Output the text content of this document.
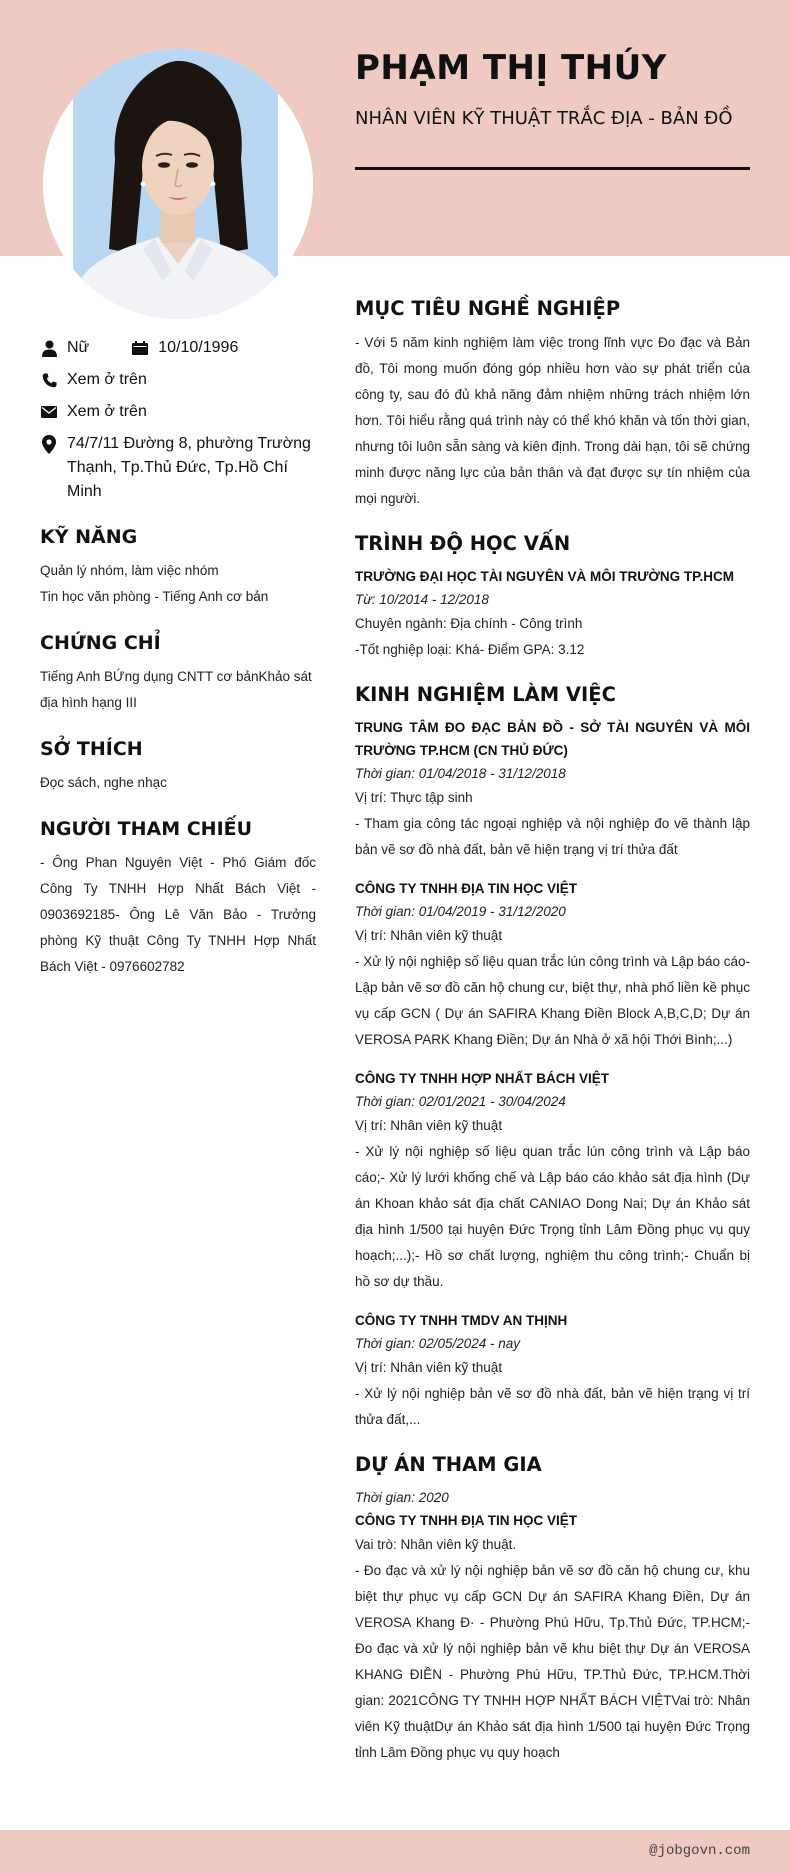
PHẠM THỊ THÚY
NHÂN VIÊN KỸ THUẬT TRẮC ĐỊA - BẢN ĐỒ
Nữ	10/10/1996
Xem ở trên
Xem ở trên
74/7/11 Đường 8, phường Trường Thạnh, Tp.Thủ Đức, Tp.Hồ Chí Minh
KỸ NĂNG
Quản lý nhóm, làm việc nhóm
Tin học văn phòng - Tiếng Anh cơ bản
CHỨNG CHỈ
Tiếng Anh BỨng dụng CNTT cơ bảnKhảo sát địa hình hạng III
SỞ THÍCH
Đọc sách, nghe nhạc
NGƯỜI THAM CHIẾU
- Ông Phan Nguyên Việt - Phó Giám đốc Công Ty TNHH Hợp Nhất Bách Việt - 0903692185- Ông Lê Văn Bảo - Trưởng phòng Kỹ thuật Công Ty TNHH Hợp Nhất Bách Việt - 0976602782
MỤC TIÊU NGHỀ NGHIỆP
- Với 5 năm kinh nghiệm làm việc trong lĩnh vực Đo đạc và Bản đồ, Tôi mong muốn đóng góp nhiều hơn vào sự phát triển của công ty, sau đó đủ khả năng đảm nhiệm những trách nhiệm lớn hơn. Tôi hiểu rằng quá trình này có thể khó khăn và tốn thời gian, nhưng tôi luôn sẵn sàng và kiên định. Trong dài hạn, tôi sẽ chứng minh được năng lực của bản thân và đạt được sự tín nhiệm của mọi người.
TRÌNH ĐỘ HỌC VẤN
TRƯỜNG ĐẠI HỌC TÀI NGUYÊN VÀ MÔI TRƯỜNG TP.HCM
Từ: 10/2014 - 12/2018
Chuyên ngành: Địa chính - Công trình
-Tốt nghiệp loại: Khá- Điểm GPA: 3.12
KINH NGHIỆM LÀM VIỆC
TRUNG TÂM ĐO ĐẠC BẢN ĐỒ - SỞ TÀI NGUYÊN VÀ MÔI TRƯỜNG TP.HCM (CN THỦ ĐỨC)
Thời gian: 01/04/2018 - 31/12/2018
Vị trí: Thực tập sinh
- Tham gia công tác ngoại nghiệp và nội nghiệp đo vẽ thành lập bản vẽ sơ đồ nhà đất, bản vẽ hiện trạng vị trí thửa đất
CÔNG TY TNHH ĐỊA TIN HỌC VIỆT
Thời gian: 01/04/2019 - 31/12/2020
Vị trí: Nhân viên kỹ thuật
- Xử lý nội nghiệp số liệu quan trắc lún công trình và Lập báo cáo- Lập bản vẽ sơ đồ căn hộ chung cư, biệt thự, nhà phố liền kề phục vụ cấp GCN ( Dự án SAFIRA Khang Điền Block A,B,C,D; Dự án VEROSA PARK Khang Điền; Dự án Nhà ở xã hội Thới Bình;...)
CÔNG TY TNHH HỢP NHẤT BÁCH VIỆT
Thời gian: 02/01/2021 - 30/04/2024
Vị trí: Nhân viên kỹ thuật
- Xử lý nội nghiệp số liệu quan trắc lún công trình và Lập báo cáo;- Xử lý lưới khống chế và Lập báo cáo khảo sát địa hình (Dự án Khoan khảo sát địa chất CANIAO Dong Nai; Dự án Khảo sát địa hình 1/500 tại huyện Đức Trọng tỉnh Lâm Đồng phục vụ quy hoạch;...);- Hồ sơ chất lượng, nghiệm thu công trình;- Chuẩn bị hồ sơ dự thầu.
CÔNG TY TNHH TMDV AN THỊNH
Thời gian: 02/05/2024 - nay
Vị trí: Nhân viên kỹ thuật
- Xử lý nội nghiệp bản vẽ sơ đồ nhà đất, bản vẽ hiện trạng vị trí thửa đất,...
DỰ ÁN THAM GIA
Thời gian: 2020
CÔNG TY TNHH ĐỊA TIN HỌC VIỆT
Vai trò: Nhân viên kỹ thuật.
- Đo đạc và xử lý nội nghiệp bản vẽ sơ đồ căn hộ chung cư, khu biệt thự phục vụ cấp GCN Dự án SAFIRA Khang Điền, Dự án VEROSA Khang Đ· - Phường Phú Hữu, Tp.Thủ Đức, TP.HCM;- Đo đạc và xử lý nội nghiệp bản vẽ khu biệt thự Dự án VEROSA KHANG ĐIỀN - Phường Phú Hữu, TP.Thủ Đức, TP.HCM.Thời gian: 2021CÔNG TY TNHH HỢP NHẤT BÁCH VIỆTVai trò: Nhân viên Kỹ thuậtDự án Khảo sát địa hình 1/500 tại huyện Đức Trọng tỉnh Lâm Đồng phục vụ quy hoạch
@jobgovn.com
